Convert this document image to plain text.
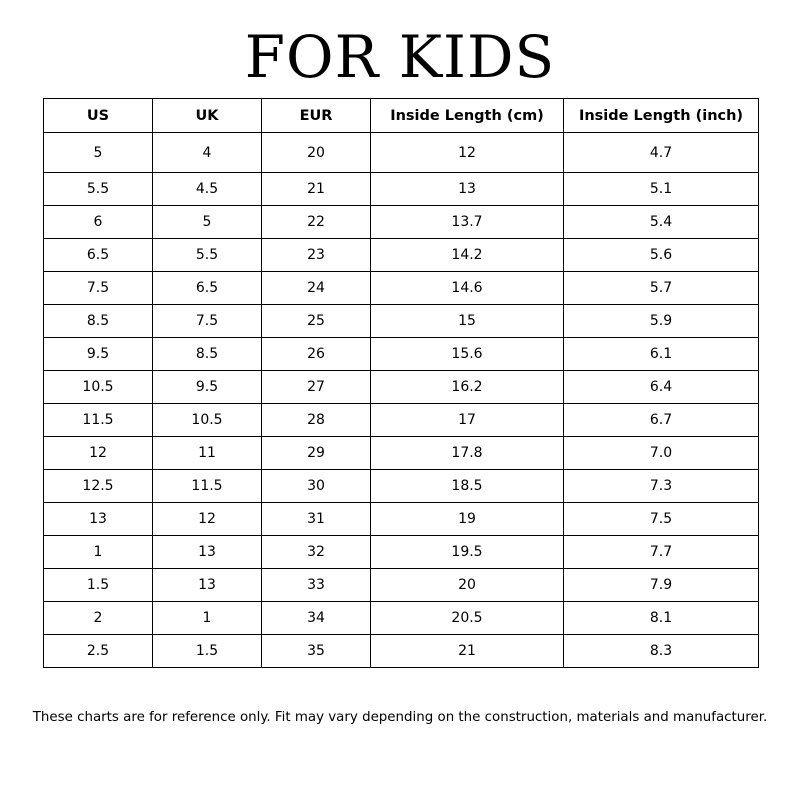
FOR KIDS
US	UK	EUR	Inside Length (cm)	Inside Length (inch)
5	4	20	12	4.7
5.5	4.5	21	13	5.1
6	5	22	13.7	5.4
6.5	5.5	23	14.2	5.6
7.5	6.5	24	14.6	5.7
8.5	7.5	25	15	5.9
9.5	8.5	26	15.6	6.1
10.5	9.5	27	16.2	6.4
11.5	10.5	28	17	6.7
12	11	29	17.8	7.0
12.5	11.5	30	18.5	7.3
13	12	31	19	7.5
1	13	32	19.5	7.7
1.5	13	33	20	7.9
2	1	34	20.5	8.1
2.5	1.5	35	21	8.3

These charts are for reference only. Fit may vary depending on the construction, materials and manufacturer.
